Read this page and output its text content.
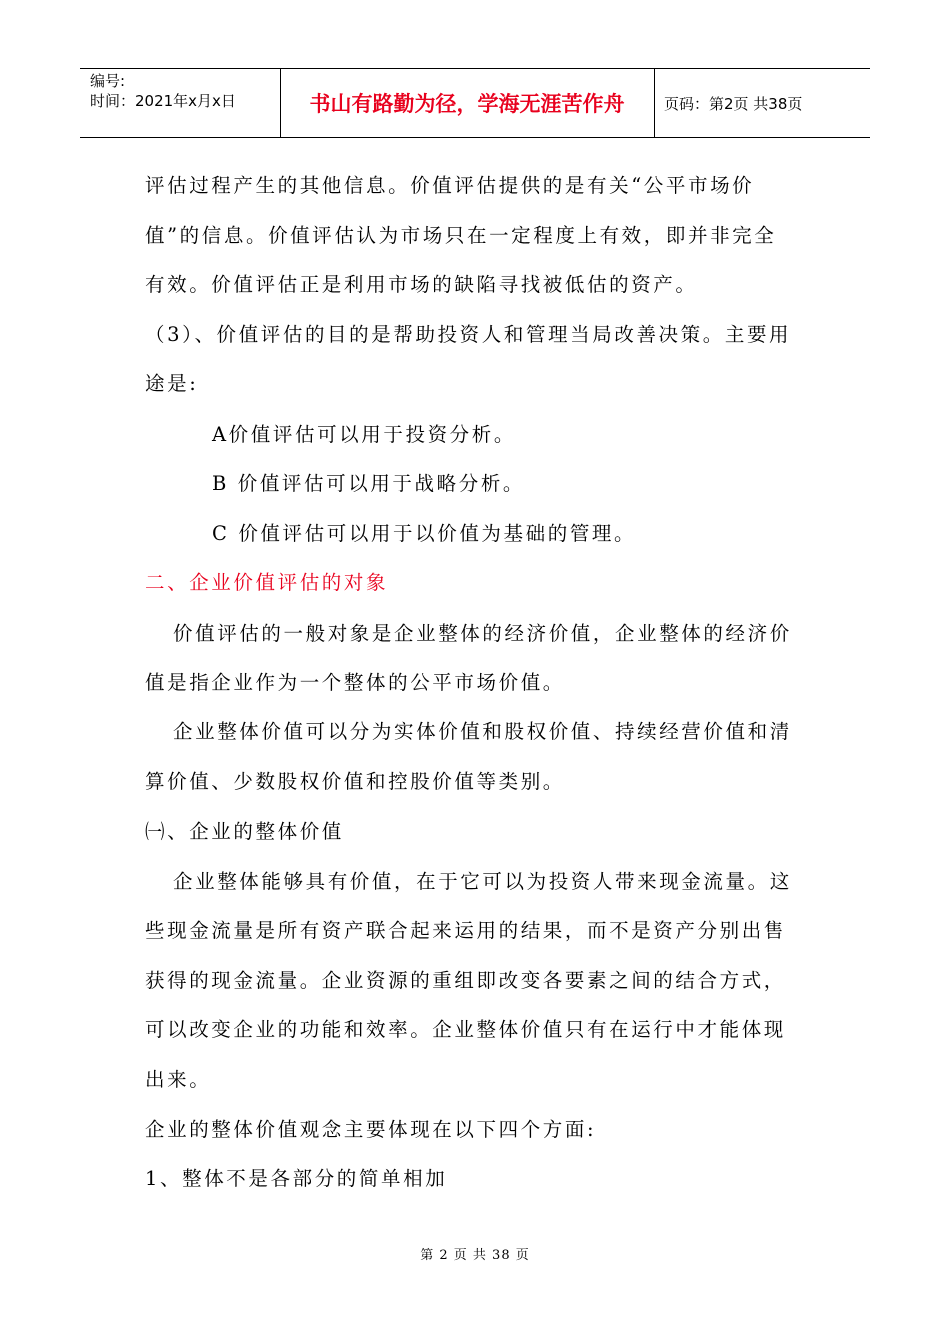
编号:
时间：2021年x月x日	书山有路勤为径，学海无涯苦作舟	页码：第2页 共38页
评估过程产生的其他信息。价值评估提供的是有关“公平市场价
值”的信息。价值评估认为市场只在一定程度上有效，即并非完全
有效。价值评估正是利用市场的缺陷寻找被低估的资产。
（3）、价值评估的目的是帮助投资人和管理当局改善决策。主要用
途是:
A价值评估可以用于投资分析。
B 价值评估可以用于战略分析。
C 价值评估可以用于以价值为基础的管理。
二、企业价值评估的对象
价值评估的一般对象是企业整体的经济价值，企业整体的经济价
值是指企业作为一个整体的公平市场价值。
企业整体价值可以分为实体价值和股权价值、持续经营价值和清
算价值、少数股权价值和控股价值等类别。
㈠、企业的整体价值
企业整体能够具有价值，在于它可以为投资人带来现金流量。这
些现金流量是所有资产联合起来运用的结果，而不是资产分别出售
获得的现金流量。企业资源的重组即改变各要素之间的结合方式，
可以改变企业的功能和效率。企业整体价值只有在运行中才能体现
出来。
企业的整体价值观念主要体现在以下四个方面:
1、整体不是各部分的简单相加
第 2 页 共 38 页
